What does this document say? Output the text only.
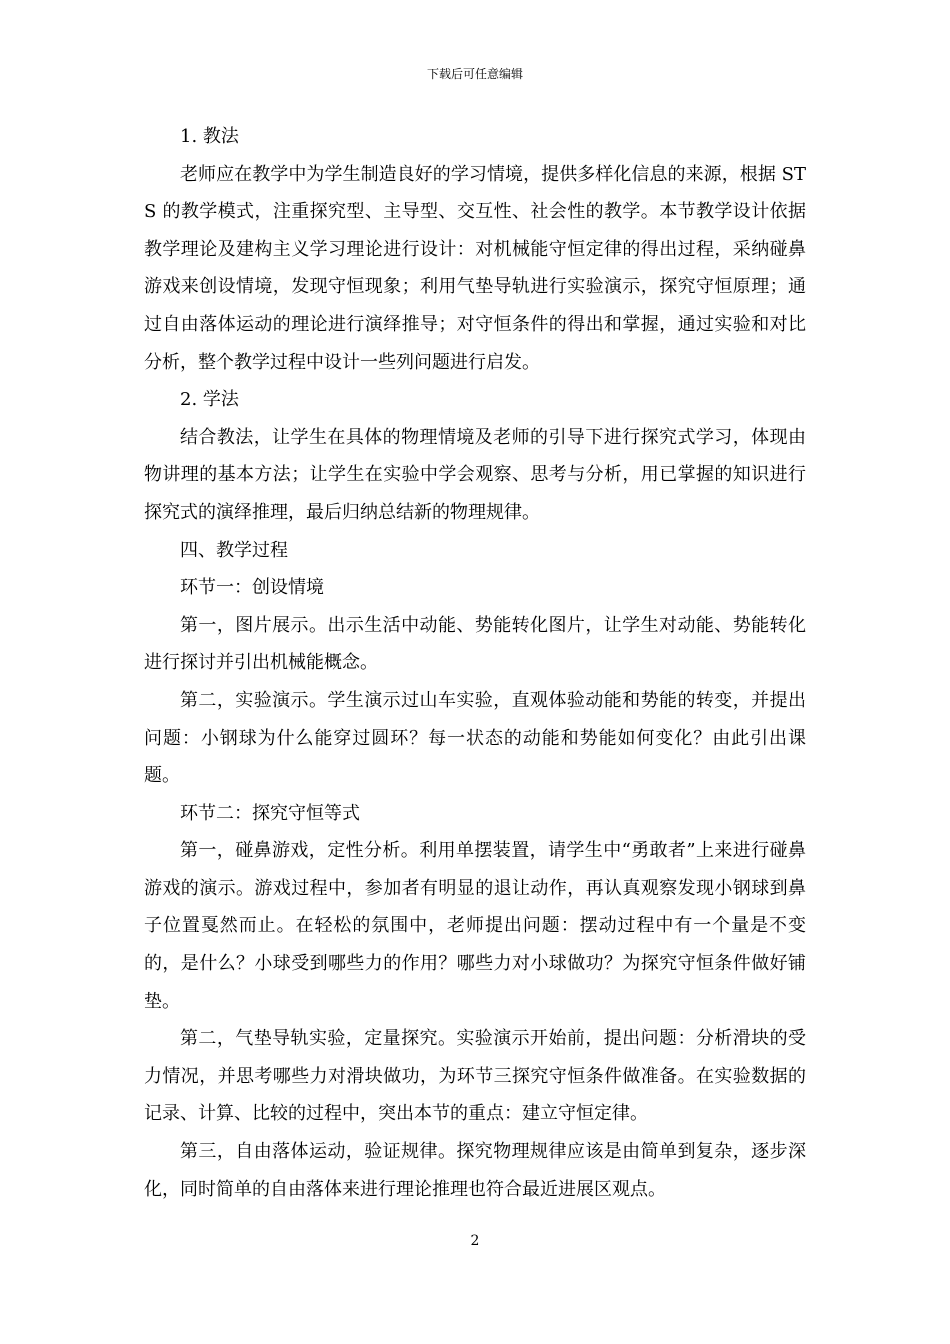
下载后可任意编辑

1. 教法

老师应在教学中为学生制造良好的学习情境，提供多样化信息的来源，根据 STS 的教学模式，注重探究型、主导型、交互性、社会性的教学。本节教学设计依据教学理论及建构主义学习理论进行设计：对机械能守恒定律的得出过程，采纳碰鼻游戏来创设情境，发现守恒现象；利用气垫导轨进行实验演示，探究守恒原理；通过自由落体运动的理论进行演绎推导；对守恒条件的得出和掌握，通过实验和对比分析，整个教学过程中设计一些列问题进行启发。

2. 学法

结合教法，让学生在具体的物理情境及老师的引导下进行探究式学习，体现由物讲理的基本方法；让学生在实验中学会观察、思考与分析，用已掌握的知识进行探究式的演绎推理，最后归纳总结新的物理规律。

四、教学过程

环节一：创设情境

第一，图片展示。出示生活中动能、势能转化图片，让学生对动能、势能转化进行探讨并引出机械能概念。

第二，实验演示。学生演示过山车实验，直观体验动能和势能的转变，并提出问题：小钢球为什么能穿过圆环？每一状态的动能和势能如何变化？由此引出课题。

环节二：探究守恒等式

第一，碰鼻游戏，定性分析。利用单摆装置，请学生中“勇敢者”上来进行碰鼻游戏的演示。游戏过程中，参加者有明显的退让动作，再认真观察发现小钢球到鼻子位置戛然而止。在轻松的氛围中，老师提出问题：摆动过程中有一个量是不变的，是什么？小球受到哪些力的作用？哪些力对小球做功？为探究守恒条件做好铺垫。

第二，气垫导轨实验，定量探究。实验演示开始前，提出问题：分析滑块的受力情况，并思考哪些力对滑块做功，为环节三探究守恒条件做准备。在实验数据的记录、计算、比较的过程中，突出本节的重点：建立守恒定律。

第三，自由落体运动，验证规律。探究物理规律应该是由简单到复杂，逐步深化，同时简单的自由落体来进行理论推理也符合最近进展区观点。

2
